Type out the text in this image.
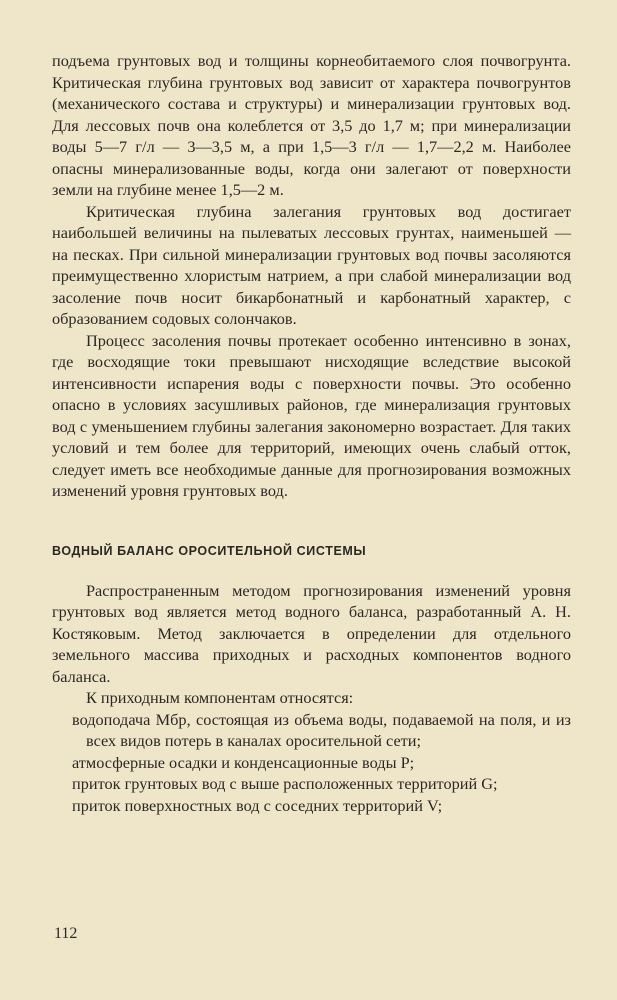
подъема грунтовых вод и толщины корнеобитаемого слоя почвогрунта. Критическая глубина грунтовых вод зависит от характера почвогрунтов (механического состава и структуры) и минерализации грунтовых вод. Для лессовых почв она колеблется от 3,5 до 1,7 м; при минерализации воды 5—7 г/л — 3—3,5 м, а при 1,5—3 г/л — 1,7—2,2 м. Наиболее опасны минерализованные воды, когда они залегают от поверхности земли на глубине менее 1,5—2 м.

Критическая глубина залегания грунтовых вод достигает наибольшей величины на пылеватых лессовых грунтах, наименьшей — на песках. При сильной минерализации грунтовых вод почвы засоляются преимущественно хлористым натрием, а при слабой минерализации вод засоление почв носит бикарбонатный и карбонатный характер, с образованием содовых солончаков.

Процесс засоления почвы протекает особенно интенсивно в зонах, где восходящие токи превышают нисходящие вследствие высокой интенсивности испарения воды с поверхности почвы. Это особенно опасно в условиях засушливых районов, где минерализация грунтовых вод с уменьшением глубины залегания закономерно возрастает. Для таких условий и тем более для территорий, имеющих очень слабый отток, следует иметь все необходимые данные для прогнозирования возможных изменений уровня грунтовых вод.

ВОДНЫЙ БАЛАНС ОРОСИТЕЛЬНОЙ СИСТЕМЫ

Распространенным методом прогнозирования изменений уровня грунтовых вод является метод водного баланса, разработанный А. Н. Костяковым. Метод заключается в определении для отдельного земельного массива приходных и расходных компонентов водного баланса.

К приходным компонентам относятся:

водоподача Mбр, состоящая из объема воды, подаваемой на поля, и из всех видов потерь в каналах оросительной сети;

атмосферные осадки и конденсационные воды P;

приток грунтовых вод с выше расположенных территорий G;

приток поверхностных вод с соседних территорий V;

112
